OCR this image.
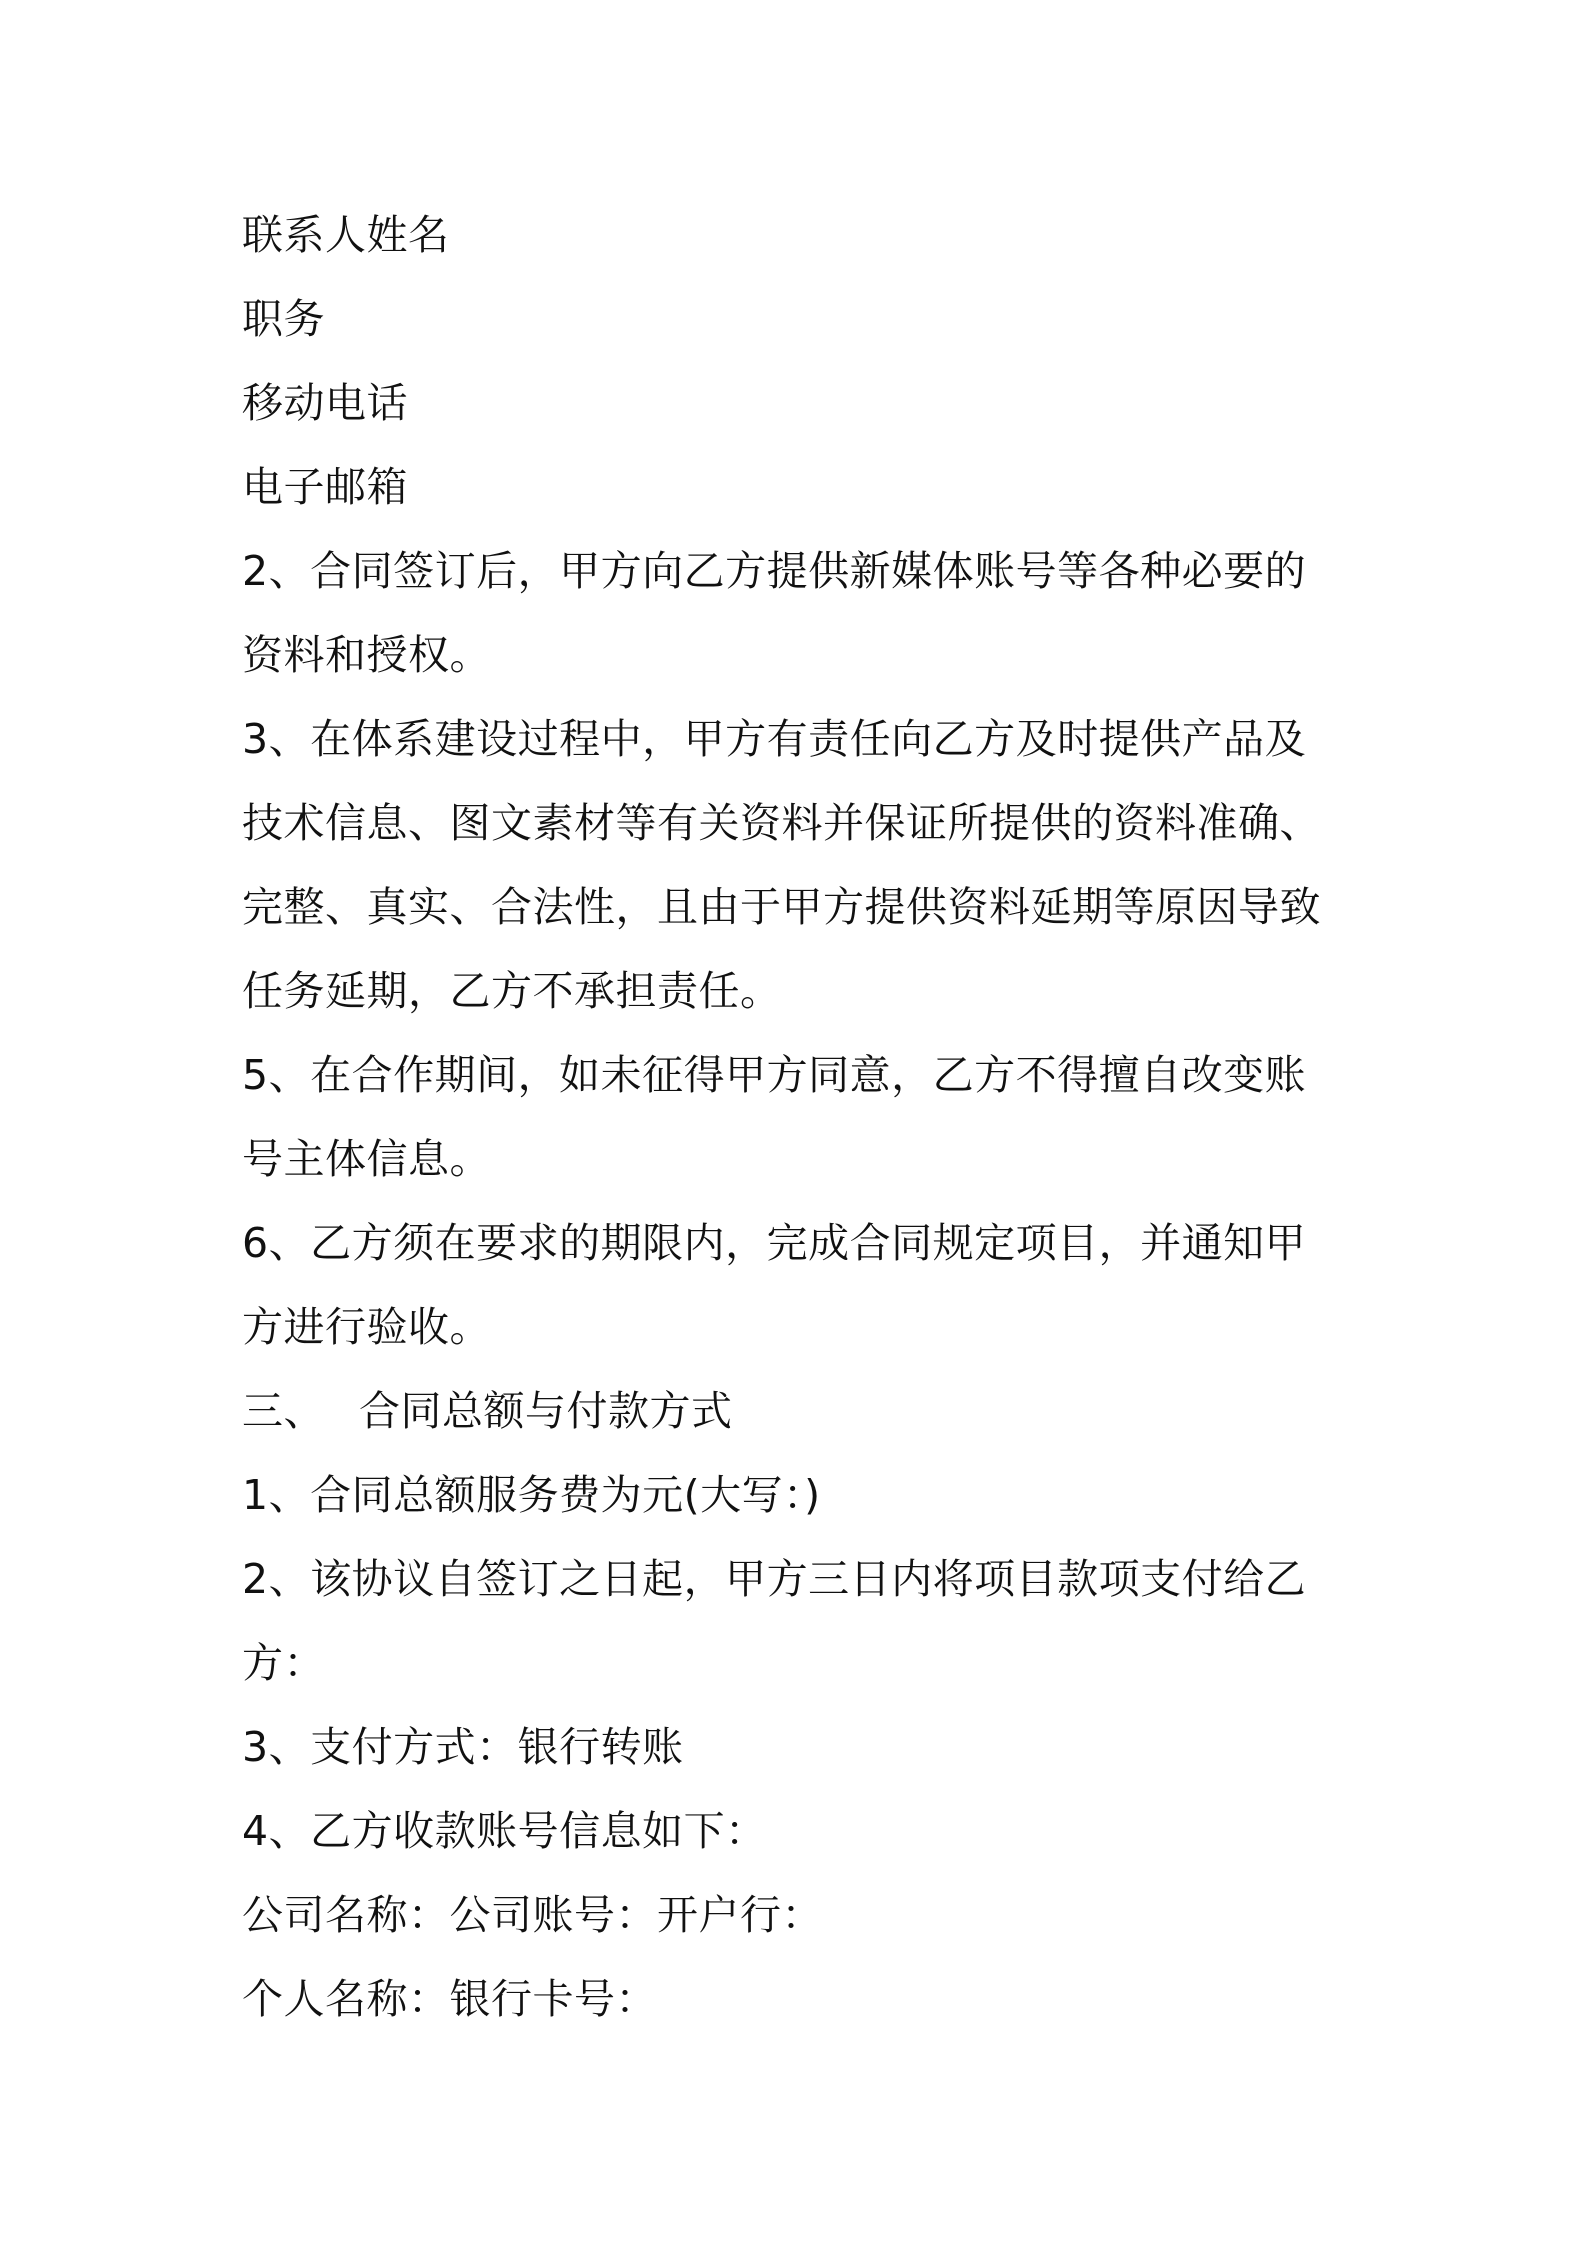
联系人姓名
职务
移动电话
电子邮箱
2、合同签订后，甲方向乙方提供新媒体账号等各种必要的
资料和授权。
3、在体系建设过程中，甲方有责任向乙方及时提供产品及
技术信息、图文素材等有关资料并保证所提供的资料准确、
完整、真实、合法性，且由于甲方提供资料延期等原因导致
任务延期，乙方不承担责任。
5、在合作期间，如未征得甲方同意，乙方不得擅自改变账
号主体信息。
6、乙方须在要求的期限内，完成合同规定项目，并通知甲
方进行验收。
三、 合同总额与付款方式
1、合同总额服务费为元(大写：)
2、该协议自签订之日起，甲方三日内将项目款项支付给乙
方：
3、支付方式：银行转账
4、乙方收款账号信息如下：
公司名称：公司账号：开户行：
个人名称：银行卡号：
